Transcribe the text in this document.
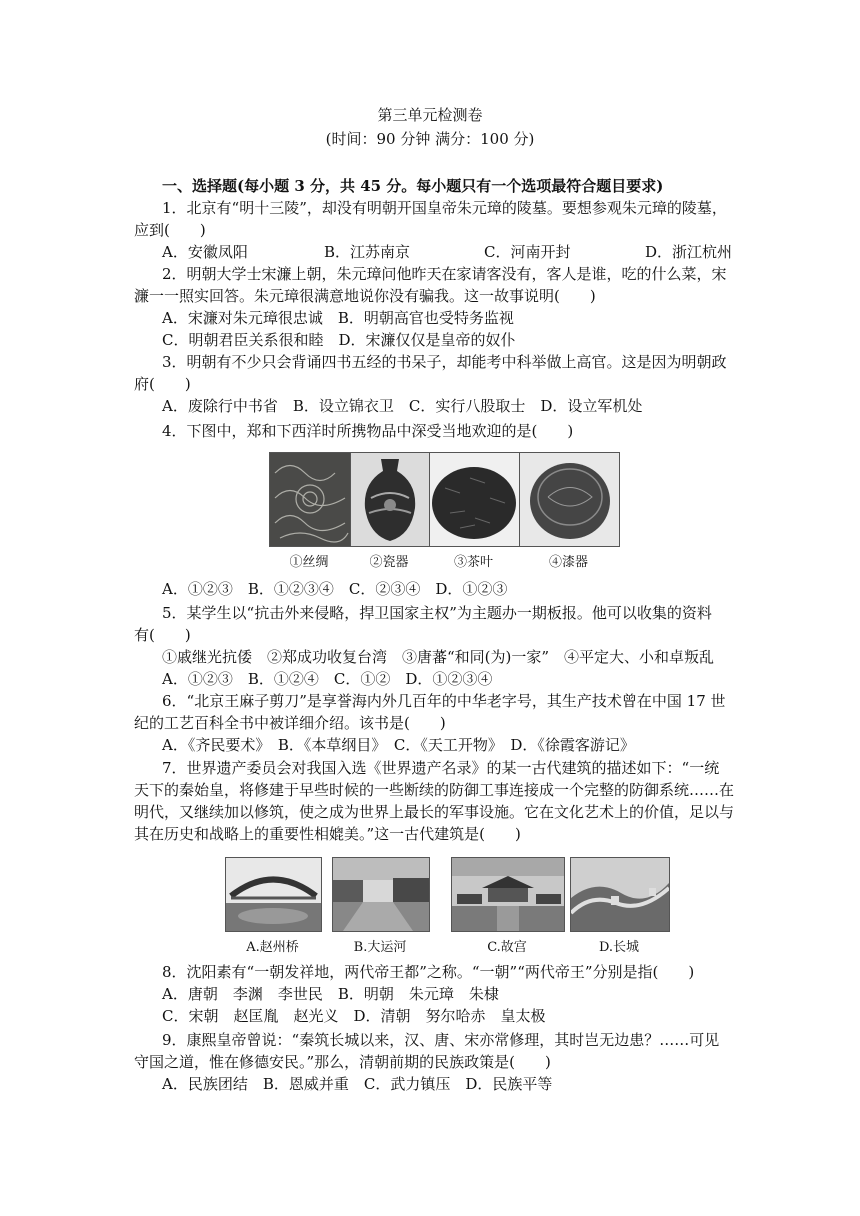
第三单元检测卷
(时间：90 分钟 满分：100 分)
一、选择题(每小题 3 分，共 45 分。每小题只有一个选项最符合题目要求)
1．北京有“明十三陵”，却没有明朝开国皇帝朱元璋的陵墓。要想参观朱元璋的陵墓，
应到(　　)
A．安徽凤阳	B．江苏南京	C．河南开封	D．浙江杭州
2．明朝大学士宋濂上朝，朱元璋问他昨天在家请客没有，客人是谁，吃的什么菜，宋
濂一一照实回答。朱元璋很满意地说你没有骗我。这一故事说明(　　)
A．宋濂对朱元璋很忠诚　B．明朝高官也受特务监视
C．明朝君臣关系很和睦　D．宋濂仅仅是皇帝的奴仆
3．明朝有不少只会背诵四书五经的书呆子，却能考中科举做上高官。这是因为明朝政
府(　　)
A．废除行中书省　B．设立锦衣卫　C．实行八股取士　D．设立军机处
4．下图中，郑和下西洋时所携物品中深受当地欢迎的是(　　)
①丝绸	②瓷器	③茶叶	④漆器
A．①②③　B．①②③④　C．②③④　D．①②③
5．某学生以“抗击外来侵略，捍卫国家主权”为主题办一期板报。他可以收集的资料
有(　　)
①戚继光抗倭　②郑成功收复台湾　③唐蕃“和同(为)一家”　④平定大、小和卓叛乱
A．①②③　B．①②④　C．①②　D．①②③④
6．“北京王麻子剪刀”是享誉海内外几百年的中华老字号，其生产技术曾在中国 17 世
纪的工艺百科全书中被详细介绍。该书是(　　)
A．《齐民要术》　B．《本草纲目》　C．《天工开物》　D．《徐霞客游记》
7．世界遗产委员会对我国入选《世界遗产名录》的某一古代建筑的描述如下：“一统
天下的秦始皇，将修建于早些时候的一些断续的防御工事连接成一个完整的防御系统……在
明代，又继续加以修筑，使之成为世界上最长的军事设施。它在文化艺术上的价值，足以与
其在历史和战略上的重要性相媲美。”这一古代建筑是(　　)
A.赵州桥	B.大运河	C.故宫	D.长城
8．沈阳素有“一朝发祥地，两代帝王都”之称。“一朝”“两代帝王”分别是指(　　)
A．唐朝　李渊　李世民　B．明朝　朱元璋　朱棣
C．宋朝　赵匡胤　赵光义　D．清朝　努尔哈赤　皇太极
9．康熙皇帝曾说：“秦筑长城以来，汉、唐、宋亦常修理，其时岂无边患？……可见
守国之道，惟在修德安民。”那么，清朝前期的民族政策是(　　)
A．民族团结　B．恩威并重　C．武力镇压　D．民族平等
